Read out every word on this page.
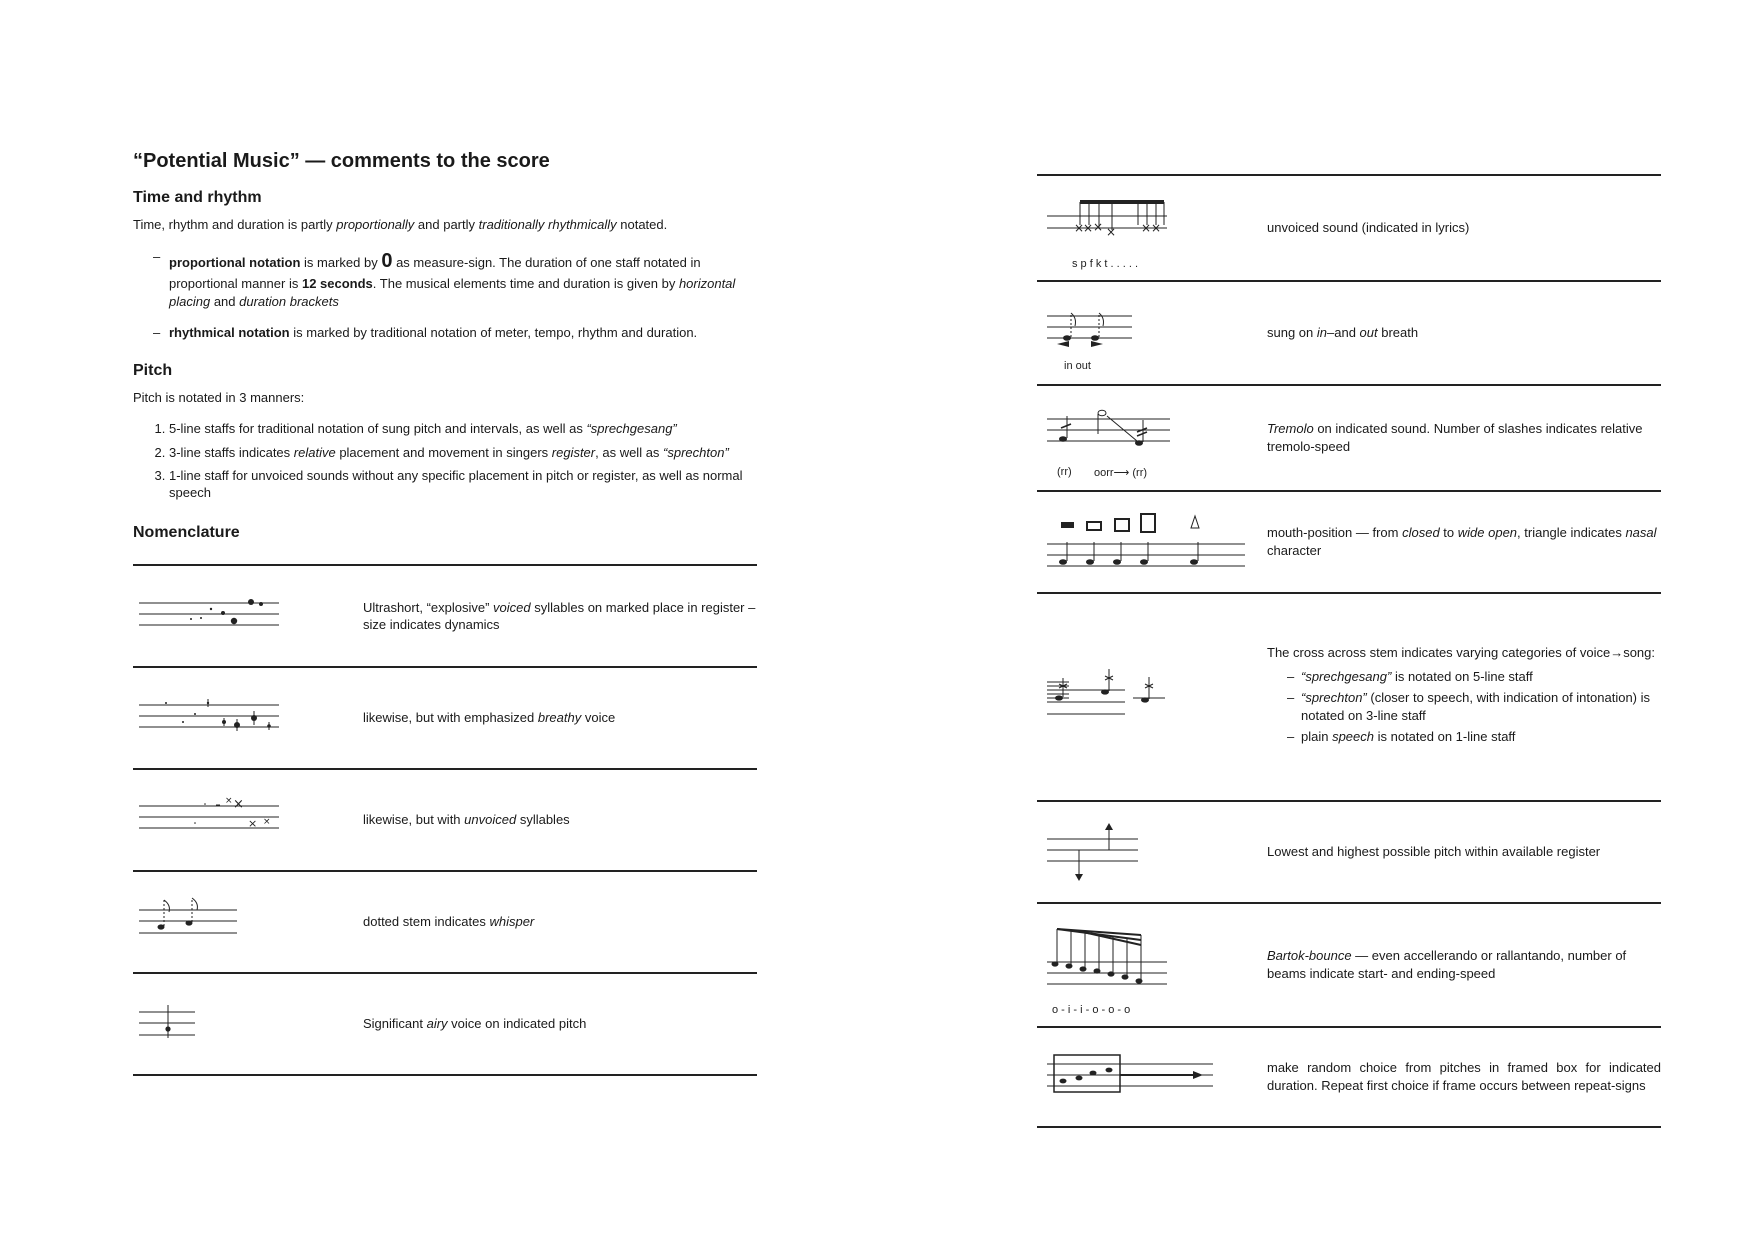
“Potential Music” — comments to the score
Time and rhythm

Time, rhythm and duration is partly proportionally and partly traditionally rhythmically notated.

– proportional notation is marked by 0 as measure-sign. The duration of one staff notated in proportional manner is 12 seconds. The musical elements time and duration is given by horizontal placing and duration brackets
– rhythmical notation is marked by traditional notation of meter, tempo, rhythm and duration.
Pitch

Pitch is notated in 3 manners:

1. 5-line staffs for traditional notation of sung pitch and intervals, as well as “sprechgesang”
2. 3-line staffs indicates relative placement and movement in singers register, as well as “sprechton”
3. 1-line staff for unvoiced sounds without any specific placement in pitch or register, as well as normal speech
Nomenclature
Ultrashort, “explosive” voiced syllables on marked place in register – size indicates dynamics
likewise, but with emphasized breathy voice
× ×
× ×	likewise, but with unvoiced syllables
dotted stem indicates whisper
Significant airy voice on indicated pitch
×
× × × × ×
s p f k t . . . . .
unvoiced sound (indicated in lyrics)
in out
sung on in–and out breath
(rr) oorr⟶ (rr)
Tremolo on indicated sound. Number of slashes indicates relative tremolo-speed
mouth-position — from closed to wide open, triangle indicates nasal character
The cross across stem indicates varying categories of voice→song:
– “sprechgesang” is notated on 5-line staff
– “sprechton” (closer to speech, with indication of intonation) is notated on 3-line staff
– plain speech is notated on 1-line staff
Lowest and highest possible pitch within available register
o - i - i - o - o - o
Bartok-bounce — even accellerando or rallantando, number of beams indicate start- and ending-speed
make random choice from pitches in framed box for indicated duration. Repeat first choice if frame occurs between repeat-signs
